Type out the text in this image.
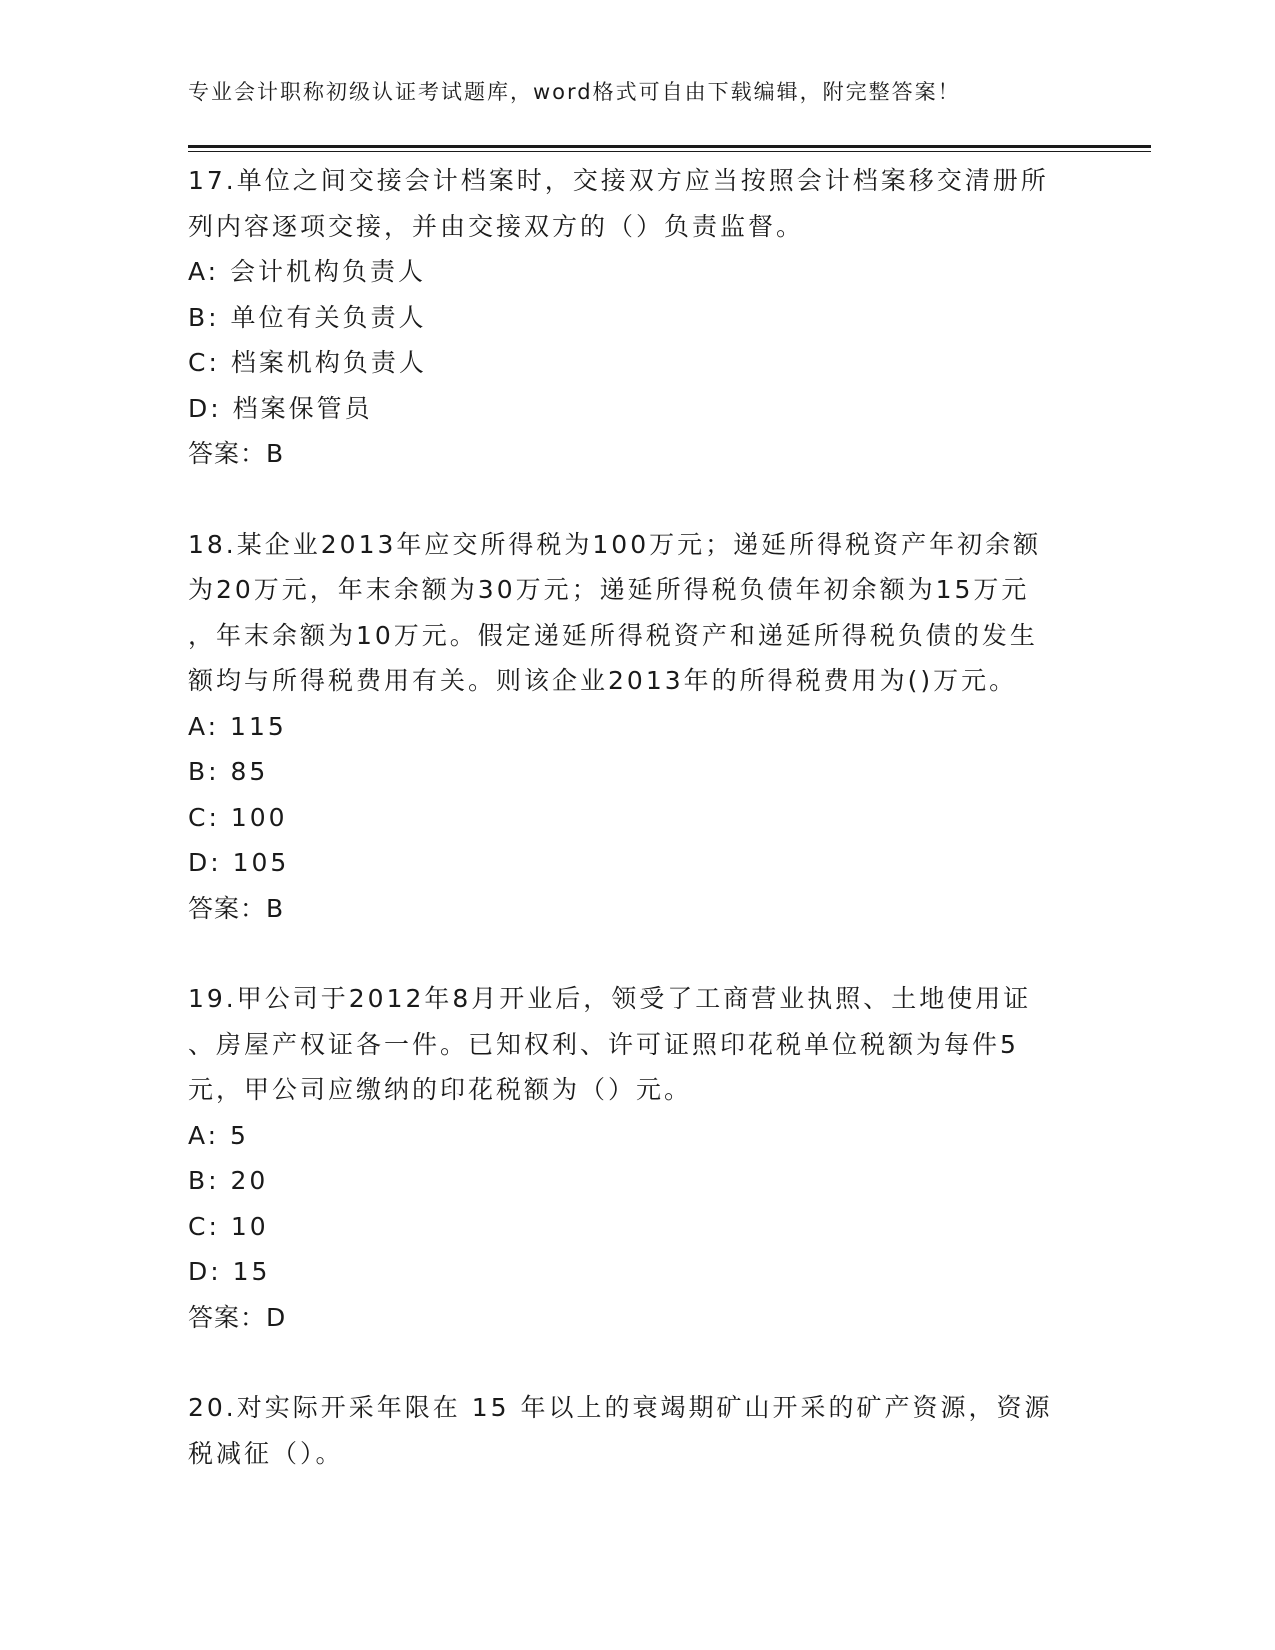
专业会计职称初级认证考试题库，word格式可自由下载编辑，附完整答案！
17.单位之间交接会计档案时，交接双方应当按照会计档案移交清册所
列内容逐项交接，并由交接双方的（）负责监督。
A: 会计机构负责人
B: 单位有关负责人
C: 档案机构负责人
D: 档案保管员
答案：B
18.某企业2013年应交所得税为100万元；递延所得税资产年初余额
为20万元，年末余额为30万元；递延所得税负债年初余额为15万元
，年末余额为10万元。假定递延所得税资产和递延所得税负债的发生
额均与所得税费用有关。则该企业2013年的所得税费用为()万元。
A: 115
B: 85
C: 100
D: 105
答案：B
19.甲公司于2012年8月开业后，领受了工商营业执照、土地使用证
、房屋产权证各一件。已知权利、许可证照印花税单位税额为每件5
元，甲公司应缴纳的印花税额为（）元。
A: 5
B: 20
C: 10
D: 15
答案：D
20.对实际开采年限在 15 年以上的衰竭期矿山开采的矿产资源，资源
税减征（）。
